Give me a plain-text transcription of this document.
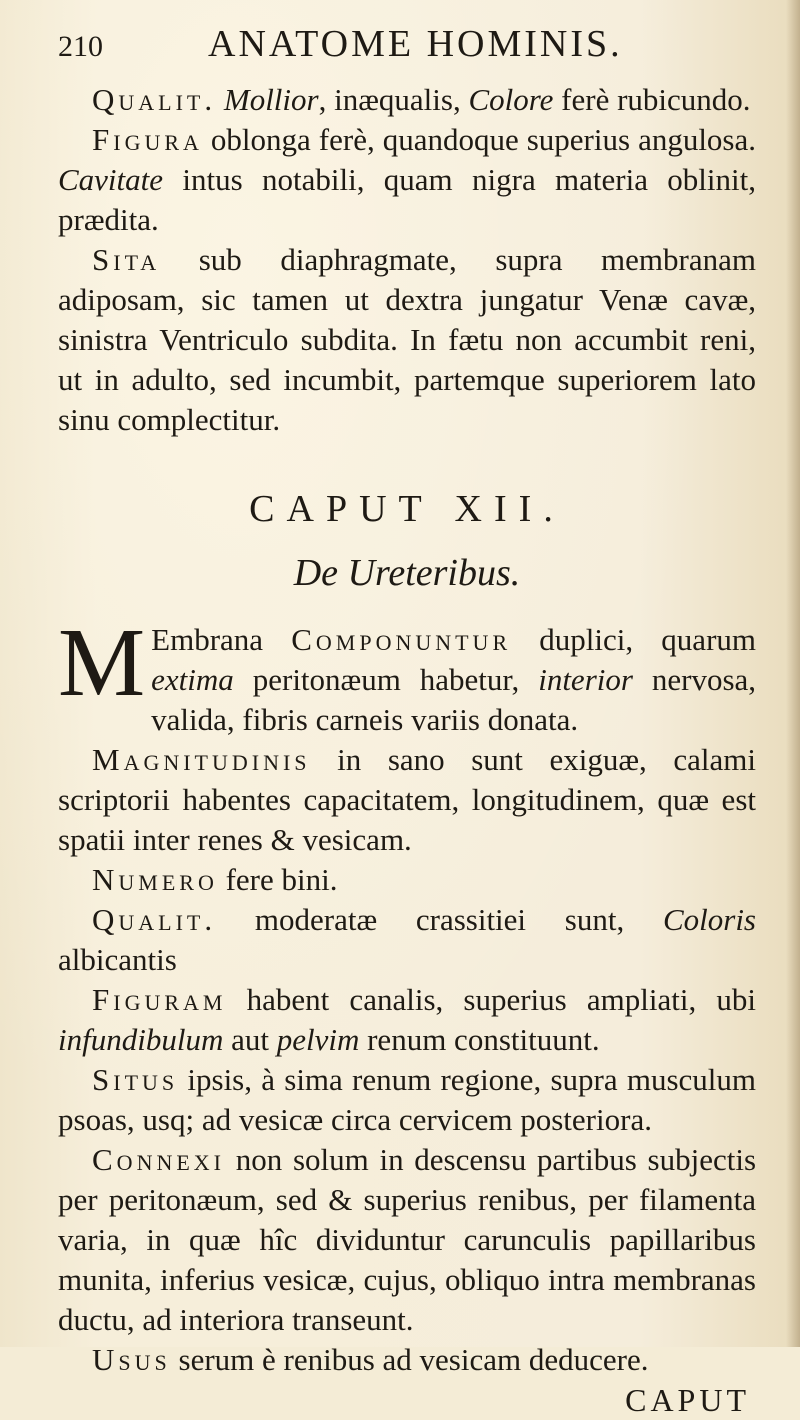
210	ANATOME HOMINIS.

Qualit. Mollior, inæqualis, Colore ferè rubicundo.

Figura oblonga ferè, quandoque superius angulosa. Cavitate intus notabili, quam nigra materia oblinit, prædita.

Sita sub diaphragmate, supra membranam adiposam, sic tamen ut dextra jungatur Venæ cavæ, sinistra Ventriculo subdita. In fætu non accumbit reni, ut in adulto, sed incumbit, partemque superiorem lato sinu complectitur.

CAPUT XII.
De Ureteribus.

M Embrana Componuntur duplici, quarum extima peritonæum habetur, interior nervosa, valida, fibris carneis variis donata.

Magnitudinis in sano sunt exiguæ, calami scriptorii habentes capacitatem, longitudinem, quæ est spatii inter renes & vesicam.

Numero fere bini.

Qualit. moderatæ crassitiei sunt, Coloris albicantis

Figuram habent canalis, superius ampliati, ubi infundibulum aut pelvim renum constituunt.

Situs ipsis, à sima renum regione, supra musculum psoas, usq; ad vesicæ circa cervicem posteriora.

Connexi non solum in descensu partibus subjectis per peritonæum, sed & superius renibus, per filamenta varia, in quæ hîc dividuntur carunculis papillaribus munita, inferius vesicæ, cujus, obliquo intra membranas ductu, ad interiora transeunt.

Usus serum è renibus ad vesicam deducere.

CAPUT
